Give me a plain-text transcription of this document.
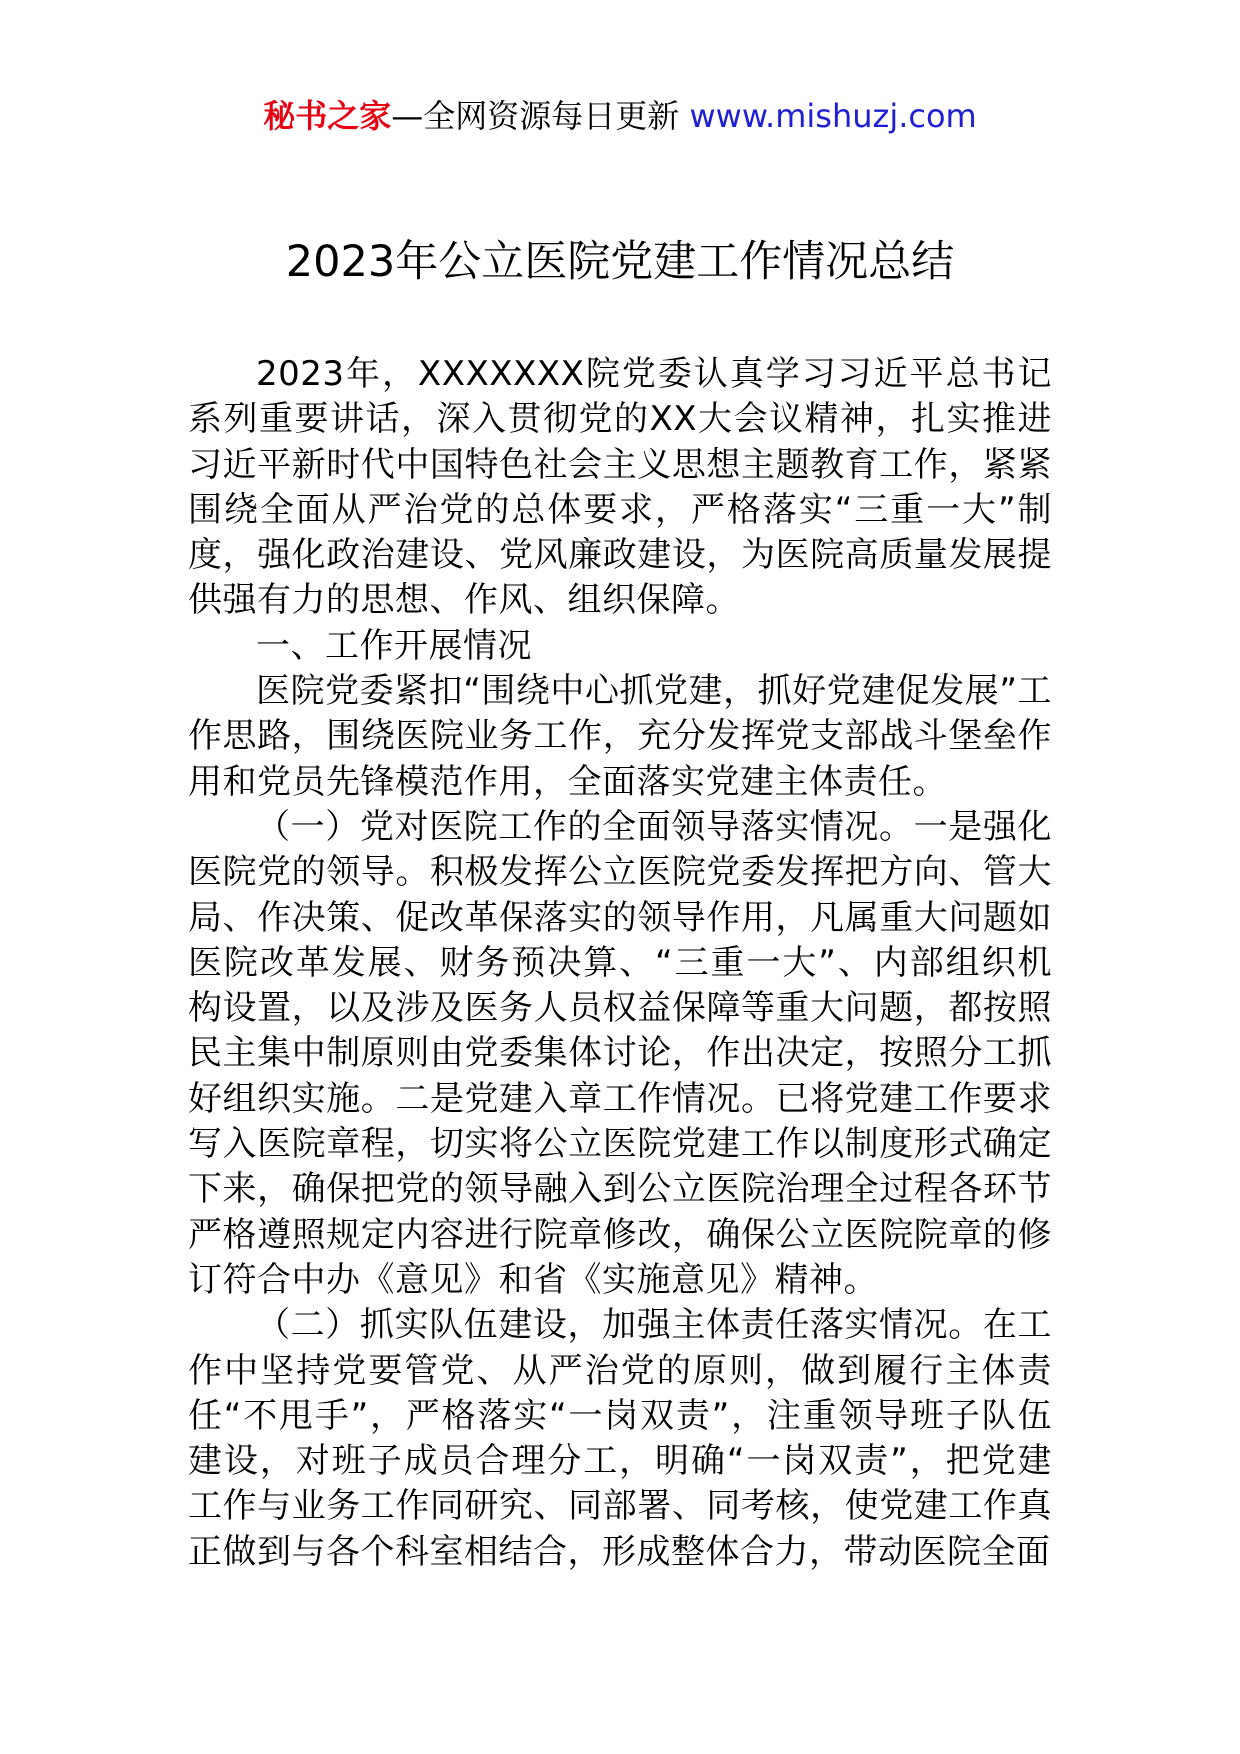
秘书之家—全网资源每日更新 www.mishuzj.com
2023年公立医院党建工作情况总结

2023年，XXXXXXX院党委认真学习习近平总书记系列重要讲话，深入贯彻党的XX大会议精神，扎实推进习近平新时代中国特色社会主义思想主题教育工作，紧紧围绕全面从严治党的总体要求，严格落实“三重一大”制度，强化政治建设、党风廉政建设，为医院高质量发展提供强有力的思想、作风、组织保障。

一、工作开展情况

医院党委紧扣“围绕中心抓党建，抓好党建促发展”工作思路，围绕医院业务工作，充分发挥党支部战斗堡垒作用和党员先锋模范作用，全面落实党建主体责任。

（一）党对医院工作的全面领导落实情况。一是强化医院党的领导。积极发挥公立医院党委发挥把方向、管大局、作决策、促改革保落实的领导作用，凡属重大问题如医院改革发展、财务预决算、“三重一大”、内部组织机构设置，以及涉及医务人员权益保障等重大问题，都按照民主集中制原则由党委集体讨论，作出决定，按照分工抓好组织实施。二是党建入章工作情况。已将党建工作要求写入医院章程，切实将公立医院党建工作以制度形式确定下来，确保把党的领导融入到公立医院治理全过程各环节严格遵照规定内容进行院章修改，确保公立医院院章的修订符合中办《意见》和省《实施意见》精神。

（二）抓实队伍建设，加强主体责任落实情况。在工作中坚持党要管党、从严治党的原则，做到履行主体责任“不甩手”，严格落实“一岗双责”，注重领导班子队伍建设，对班子成员合理分工，明确“一岗双责”，把党建工作与业务工作同研究、同部署、同考核，使党建工作真正做到与各个科室相结合，形成整体合力，带动医院全面
